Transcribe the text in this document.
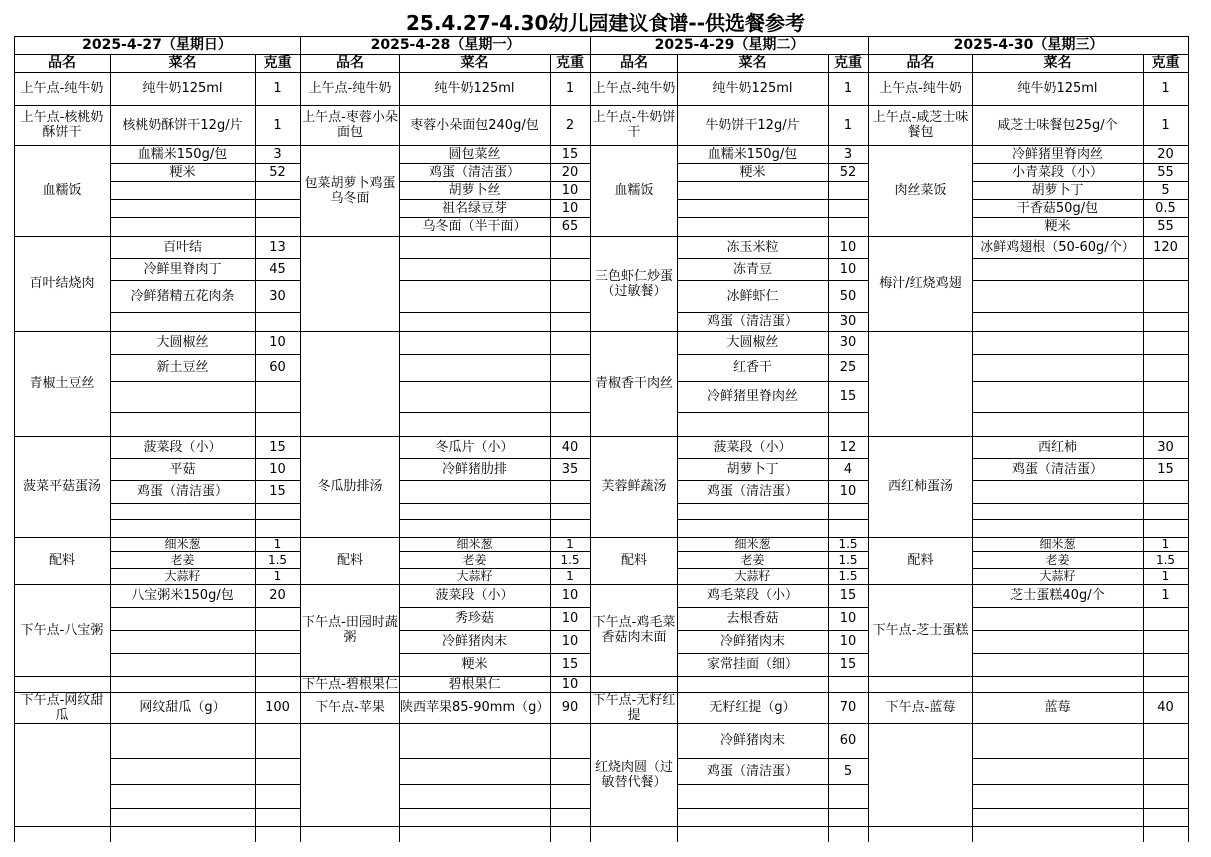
25.4.27-4.30幼儿园建议食谱--供选餐参考
2025-4-27（星期日）
品名	菜名	克重
上午点-纯牛奶	纯牛奶125ml	1
上午点-核桃奶酥饼干	核桃奶酥饼干12g/片	1
血糯饭
血糯米150g/包	3
粳米	52
百叶结烧肉
百叶结	13
冷鲜里脊肉丁	45
冷鲜猪精五花肉条	30
青椒土豆丝
大圆椒丝	10
新土豆丝	60
菠菜平菇蛋汤
菠菜段（小）	15
平菇	10
鸡蛋（清洁蛋）	15
配料
细米葱	1
老姜	1.5
大蒜籽	1
下午点-八宝粥
八宝粥米150g/包	20
下午点-网纹甜瓜	网纹甜瓜（g）	100
2025-4-28（星期一）
品名	菜名	克重
上午点-纯牛奶	纯牛奶125ml	1
上午点-枣蓉小朵面包	枣蓉小朵面包240g/包	2
包菜胡萝卜鸡蛋乌冬面
圆包菜丝	15
鸡蛋（清洁蛋）	20
胡萝卜丝	10
祖名绿豆芽	10
乌冬面（半干面）	65
冬瓜肋排汤
冬瓜片（小）	40
冷鲜猪肋排	35
配料
细米葱	1
老姜	1.5
大蒜籽	1
下午点-田园时蔬粥
菠菜段（小）	10
秀珍菇	10
冷鲜猪肉末	10
粳米	15
下午点-碧根果仁	碧根果仁	10
下午点-苹果	陕西苹果85-90mm（g） 90
2025-4-29（星期二）
品名	菜名	克重
上午点-纯牛奶	纯牛奶125ml	1
上午点-牛奶饼干	牛奶饼干12g/片	1
血糯饭
血糯米150g/包	3
粳米	52
三色虾仁炒蛋（过敏餐）
冻玉米粒	10
冻青豆	10
冰鲜虾仁	50
鸡蛋（清洁蛋）	30
青椒香干肉丝
大圆椒丝	30
红香干	25
冷鲜猪里脊肉丝	15
芙蓉鲜蔬汤
菠菜段（小）	12
胡萝卜丁	4
鸡蛋（清洁蛋）	10
配料
细米葱	1.5
老姜	1.5
大蒜籽	1.5
下午点-鸡毛菜香菇肉末面
鸡毛菜段（小）	15
去根香菇	10
冷鲜猪肉末	10
家常挂面（细）	15
下午点-无籽红提	无籽红提（g）	70
红烧肉圆（过敏替代餐）
冷鲜猪肉末	60
鸡蛋（清洁蛋）	5
2025-4-30（星期三）
品名	菜名	克重
上午点-纯牛奶	纯牛奶125ml	1
上午点-咸芝士味餐包	咸芝士味餐包25g/个	1
肉丝菜饭
冷鲜猪里脊肉丝	20
小青菜段（小）	55
胡萝卜丁	5
干香菇50g/包	0.5
粳米	55
梅汁/红烧鸡翅
冰鲜鸡翅根（50-60g/个）	120
西红柿蛋汤
西红柿	30
鸡蛋（清洁蛋）	15
配料
细米葱	1
老姜	1.5
大蒜籽	1
下午点-芝士蛋糕
芝士蛋糕40g/个	1
下午点-蓝莓	蓝莓	40
